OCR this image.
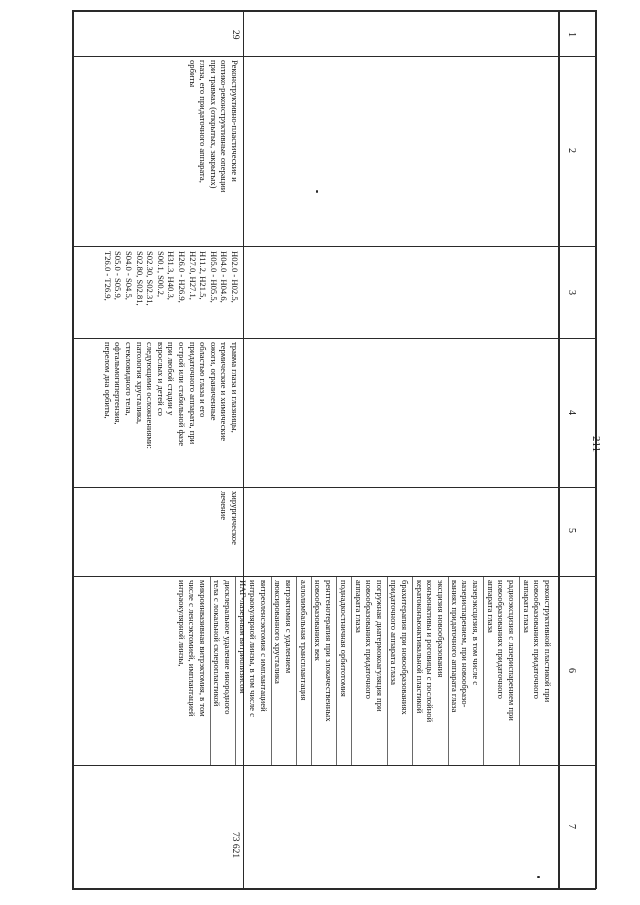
1
2
3
4
5
6
7
211
29
Реконструктивно-пластические и
оптико-реконструктивные операции
при травмах (открытых, закрытых)
глаза, его придаточного аппарата,
орбиты
H02.0 - H02.5,
H04.0 - H04.6,
H05.0 - H05.5,
H11.2, H21.5,
H27.0, H27.1,
H26.0 - H26.9,
H31.3, H40.3,
S00.1, S00.2,
S02.30, S02.31,
S02.80, S02.81,
S04.0 - S04.5,
S05.0 - S05.9,
T26.0 - T26.9,
травма глаза и глазницы,
термические и химические
ожоги, ограниченные
областью глаза и его
придаточного аппарата, при
острой или стабильной фазе
при любой стадии у
взрослых и детей со
следующими осложнениями:
патология хрусталика,
стекловидного тела,
офтальмогипертензия,
перелом дна орбиты,
хирургическое
лечение
73 621
реконструктивной пластикой при
новообразованиях придаточного
аппарата глаза
радиоэксцизия с лазериспарением при
новообразованиях придаточного
аппарата глаза
лазерэксцизия, в том числе с
лазериспарением, при новообразо-
ваниях придаточного аппарата глаза
эксцизия новообразования
конъюнктивы и роговицы с послойной
кератоконъюнктивальной пластикой
брахитерапия при новообразованиях
придаточного аппарата глаза
погружная диатермокоагуляция при
новообразованиях придаточного
аппарата глаза
поднадкостничная орбитотомия
рентгенотерапия при злокачественных
новообразованиях век
аллолимбальная трансплантация
витрэктомия с удалением
люксированного хрусталика
витреоленсэктомия с имплантацией
интраокулярной линзы, в том числе с
ИАГ-лазерным витриолизисом
дисклеральное удаление инородного
тела с локальной склеропластикой
микроинвазивная витрэктомия, в том
числе с ленсэктомией, имплантацией
интраокулярной линзы,
